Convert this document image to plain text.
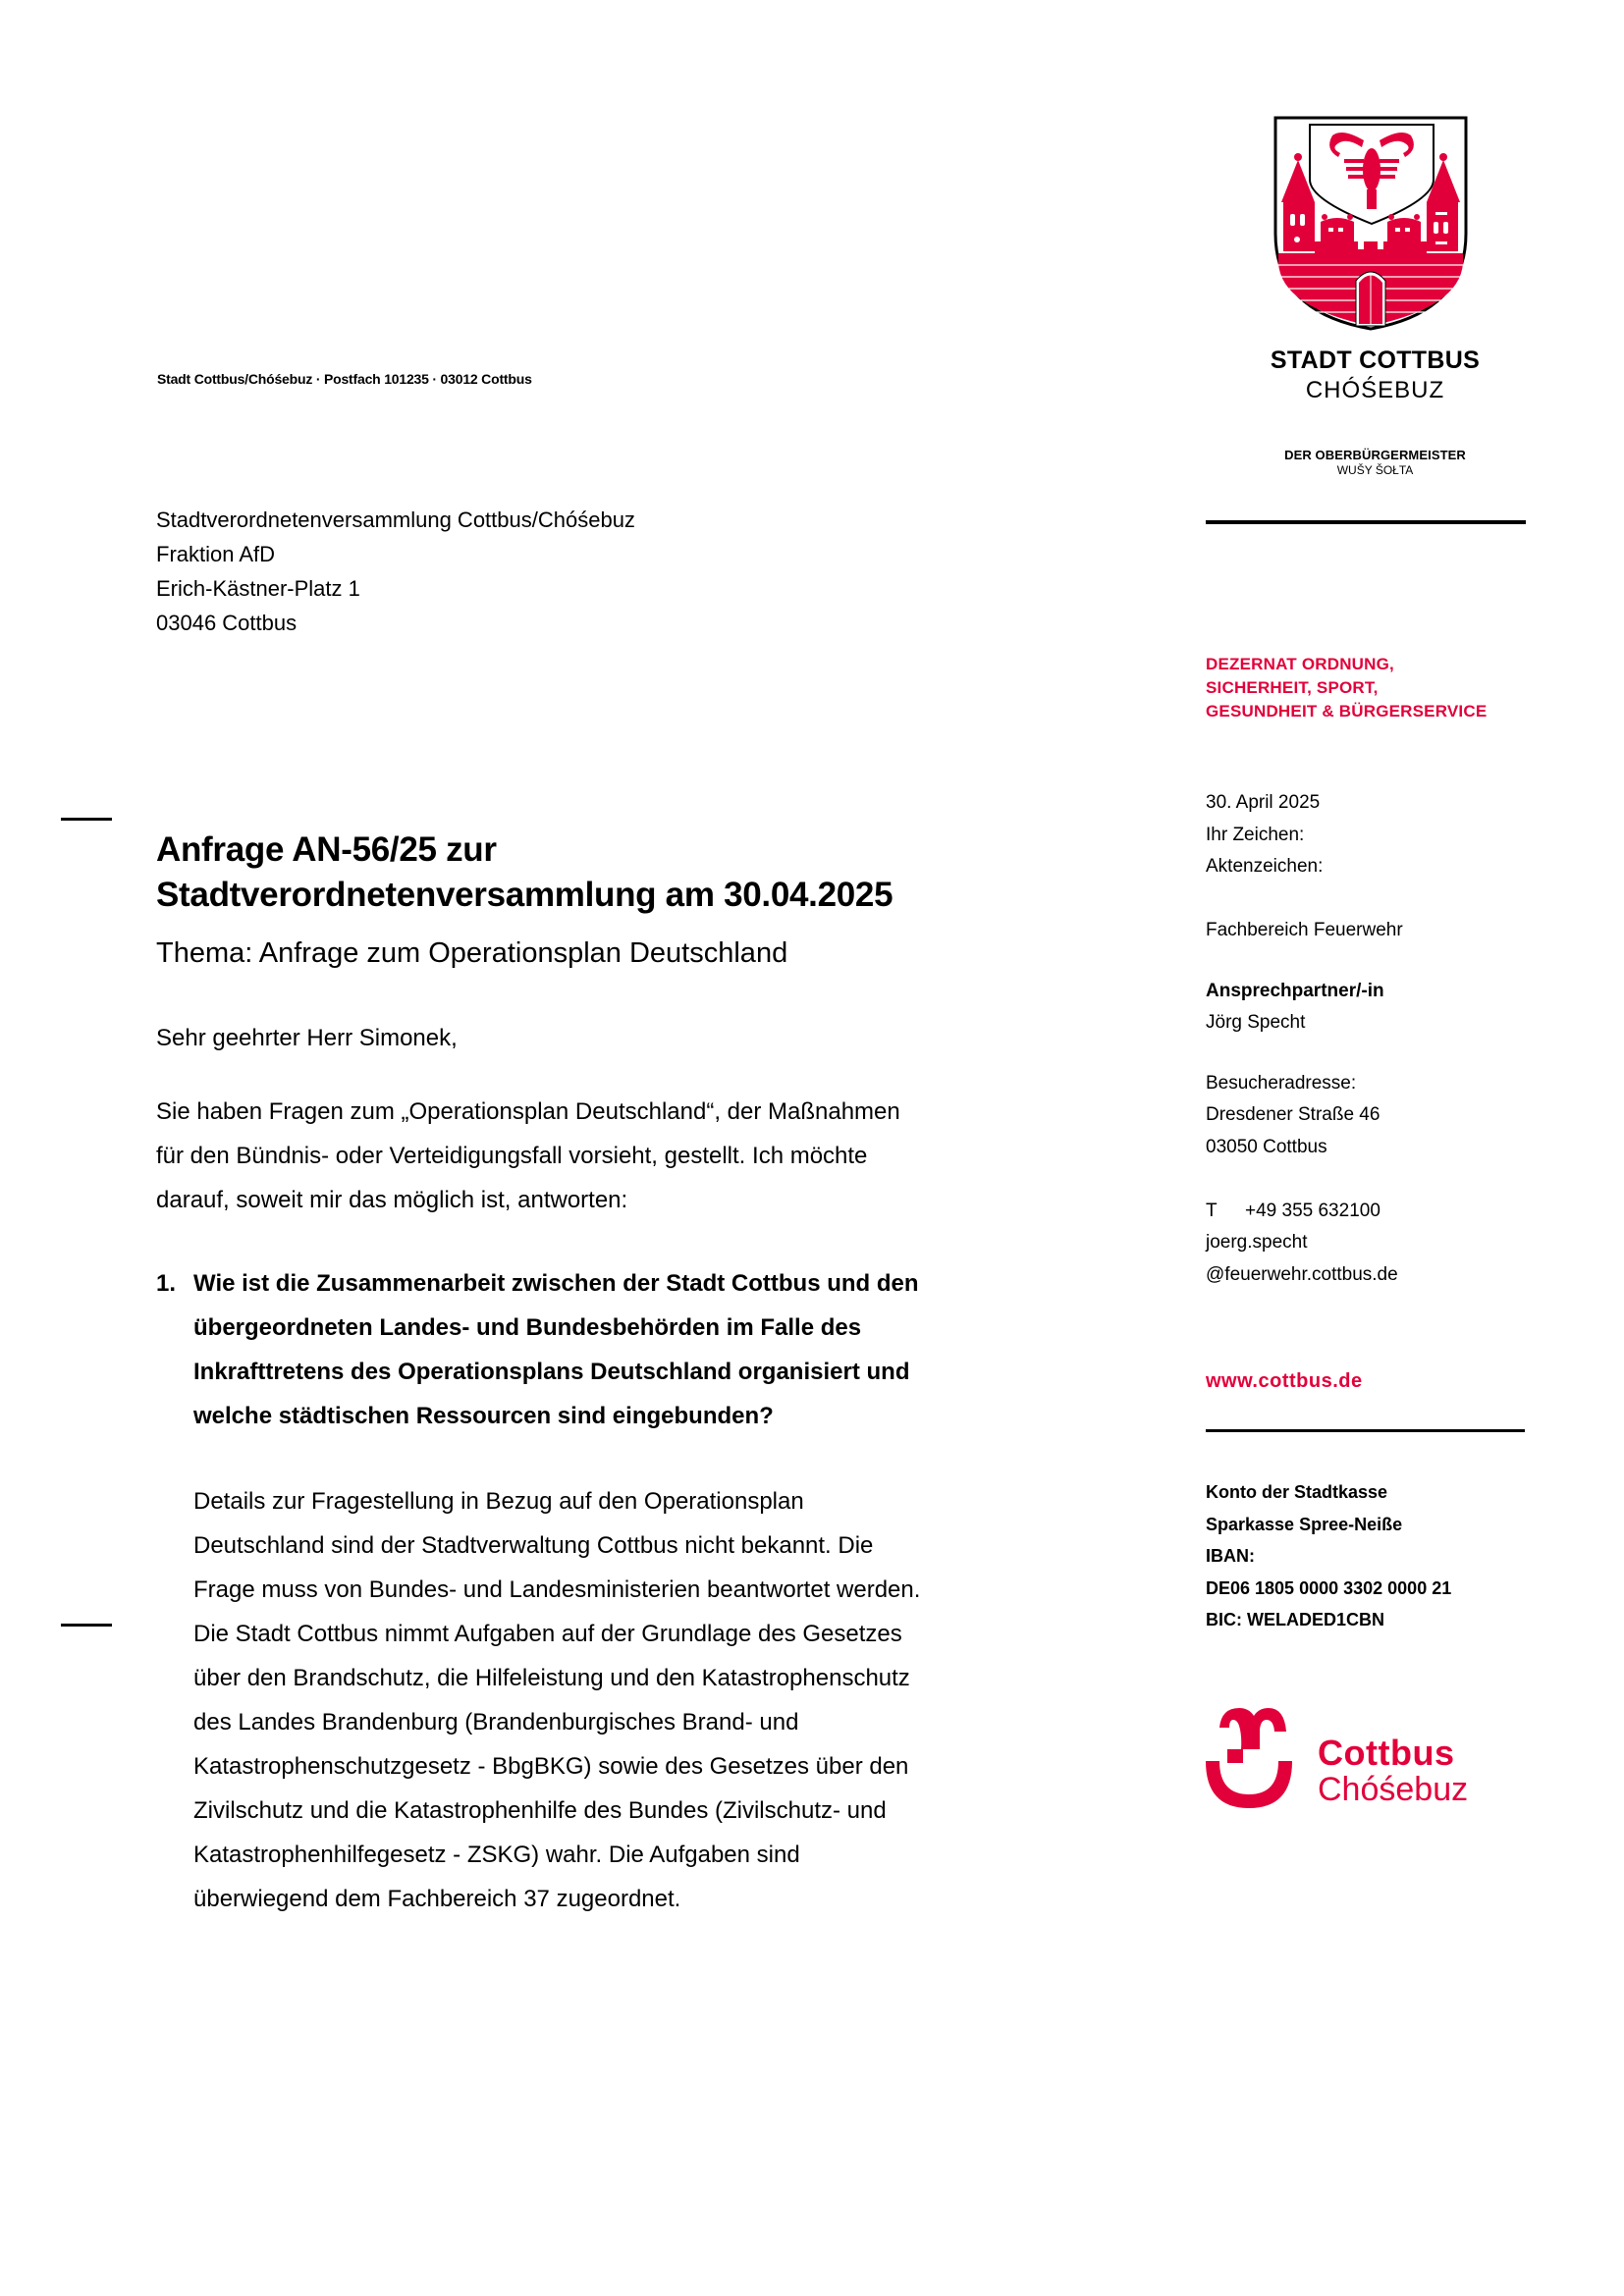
Stadt Cottbus/Chóśebuz · Postfach 101235 · 03012 Cottbus
Stadtverordnetenversammlung Cottbus/Chóśebuz
Fraktion AfD
Erich-Kästner-Platz 1
03046 Cottbus
Anfrage AN-56/25 zur
Stadtverordnetenversammlung am 30.04.2025
Thema: Anfrage zum Operationsplan Deutschland
Sehr geehrter Herr Simonek,
Sie haben Fragen zum „Operationsplan Deutschland“, der Maßnahmen
für den Bündnis- oder Verteidigungsfall vorsieht, gestellt. Ich möchte
darauf, soweit mir das möglich ist, antworten:
1. Wie ist die Zusammenarbeit zwischen der Stadt Cottbus und den
übergeordneten Landes- und Bundesbehörden im Falle des
Inkrafttretens des Operationsplans Deutschland organisiert und
welche städtischen Ressourcen sind eingebunden?
Details zur Fragestellung in Bezug auf den Operationsplan
Deutschland sind der Stadtverwaltung Cottbus nicht bekannt. Die
Frage muss von Bundes- und Landesministerien beantwortet werden.
Die Stadt Cottbus nimmt Aufgaben auf der Grundlage des Gesetzes
über den Brandschutz, die Hilfeleistung und den Katastrophenschutz
des Landes Brandenburg (Brandenburgisches Brand- und
Katastrophenschutzgesetz - BbgBKG) sowie des Gesetzes über den
Zivilschutz und die Katastrophenhilfe des Bundes (Zivilschutz- und
Katastrophenhilfegesetz - ZSKG) wahr. Die Aufgaben sind
überwiegend dem Fachbereich 37 zugeordnet.
STADT COTTBUS
CHÓŚEBUZ
DER OBERBÜRGERMEISTER
WUŠY ŠOŁTA
DEZERNAT ORDNUNG,
SICHERHEIT, SPORT,
GESUNDHEIT & BÜRGERSERVICE
30. April 2025
Ihr Zeichen:
Aktenzeichen:
Fachbereich Feuerwehr
Ansprechpartner/-in
Jörg Specht
Besucheradresse:
Dresdener Straße 46
03050 Cottbus
T +49 355 632100
joerg.specht
@feuerwehr.cottbus.de
www.cottbus.de
Konto der Stadtkasse
Sparkasse Spree-Neiße
IBAN:
DE06 1805 0000 3302 0000 21
BIC: WELADED1CBN
Cottbus
Chóśebuz
